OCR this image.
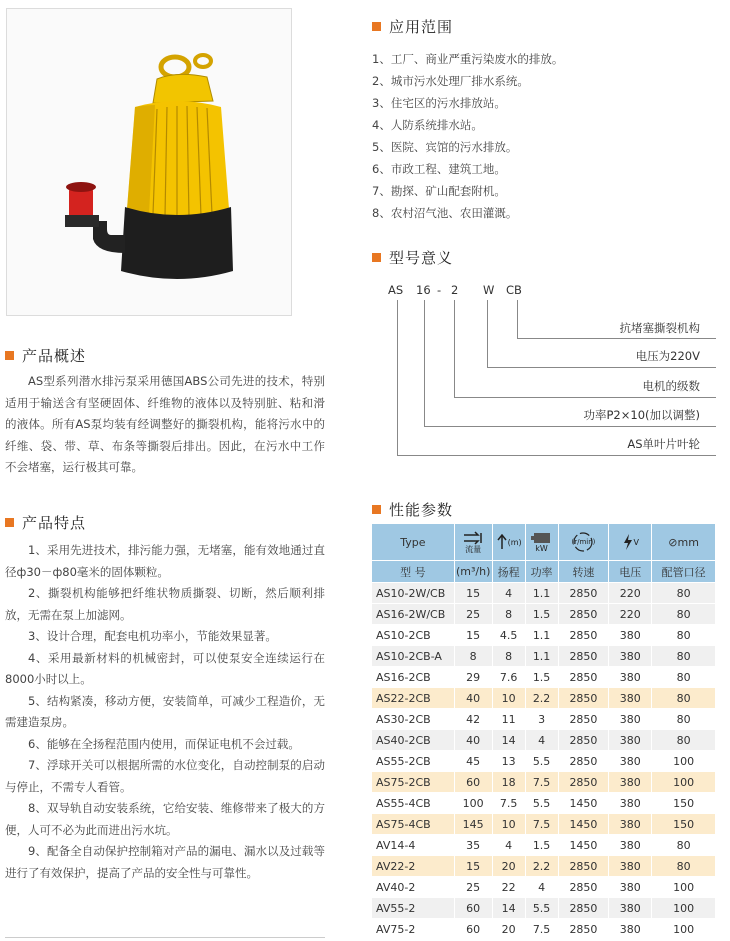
应用范围
1、工厂、商业严重污染废水的排放。
2、城市污水处理厂排水系统。
3、住宅区的污水排放站。
4、人防系统排水站。
5、医院、宾馆的污水排放。
6、市政工程、建筑工地。
7、勘探、矿山配套附机。
8、农村沼气池、农田灌溉。
型号意义
AS 16 - 2 W CB
抗堵塞撕裂机构
电压为220V
电机的级数
功率P2×10(加以调整)
AS单叶片叶轮
产品概述
AS型系列潜水排污泵采用德国ABS公司先进的技术，特别适用于输送含有坚硬固体、纤维物的液体以及特别脏、粘和滑的液体。所有AS泵均装有经调整好的撕裂机构，能将污水中的纤维、袋、带、草、布条等撕裂后排出。因此，在污水中工作不会堵塞，运行极其可靠。
产品特点

1、采用先进技术，排污能力强，无堵塞，能有效地通过直径ф30－ф80毫米的固体颗粒。

2、撕裂机构能够把纤维状物质撕裂、切断，然后顺利排放，无需在泵上加滤网。

3、设计合理，配套电机功率小，节能效果显著。

4、采用最新材料的机械密封，可以使泵安全连续运行在8000小时以上。

5、结构紧凑，移动方便，安装简单，可减少工程造价，无需建造泵房。

6、能够在全扬程范围内使用，而保证电机不会过载。

7、浮球开关可以根据所需的水位变化，自动控制泵的启动与停止，不需专人看管。

8、双导轨自动安装系统，它给安装、维修带来了极大的方便，人可不必为此而进出污水坑。

9、配备全自动保护控制箱对产品的漏电、漏水以及过载等进行了有效保护，提高了产品的安全性与可靠性。

性能参数
Type	流量	(m)	kW	(r/min)	V	⊘mm
型 号	(m³/h)	扬程	功率	转速	电压	配管口径
AS10-2W/CB	15	4	1.1	2850	220	80
AS16-2W/CB	25	8	1.5	2850	220	80
AS10-2CB	15	4.5	1.1	2850	380	80
AS10-2CB-A	8	8	1.1	2850	380	80
AS16-2CB	29	7.6	1.5	2850	380	80
AS22-2CB	40	10	2.2	2850	380	80
AS30-2CB	42	11	3	2850	380	80
AS40-2CB	40	14	4	2850	380	80
AS55-2CB	45	13	5.5	2850	380	100
AS75-2CB	60	18	7.5	2850	380	100
AS55-4CB	100	7.5	5.5	1450	380	150
AS75-4CB	145	10	7.5	1450	380	150
AV14-4	35	4	1.5	1450	380	80
AV22-2	15	20	2.2	2850	380	80
AV40-2	25	22	4	2850	380	100
AV55-2	60	14	5.5	2850	380	100
AV75-2	60	20	7.5	2850	380	100
